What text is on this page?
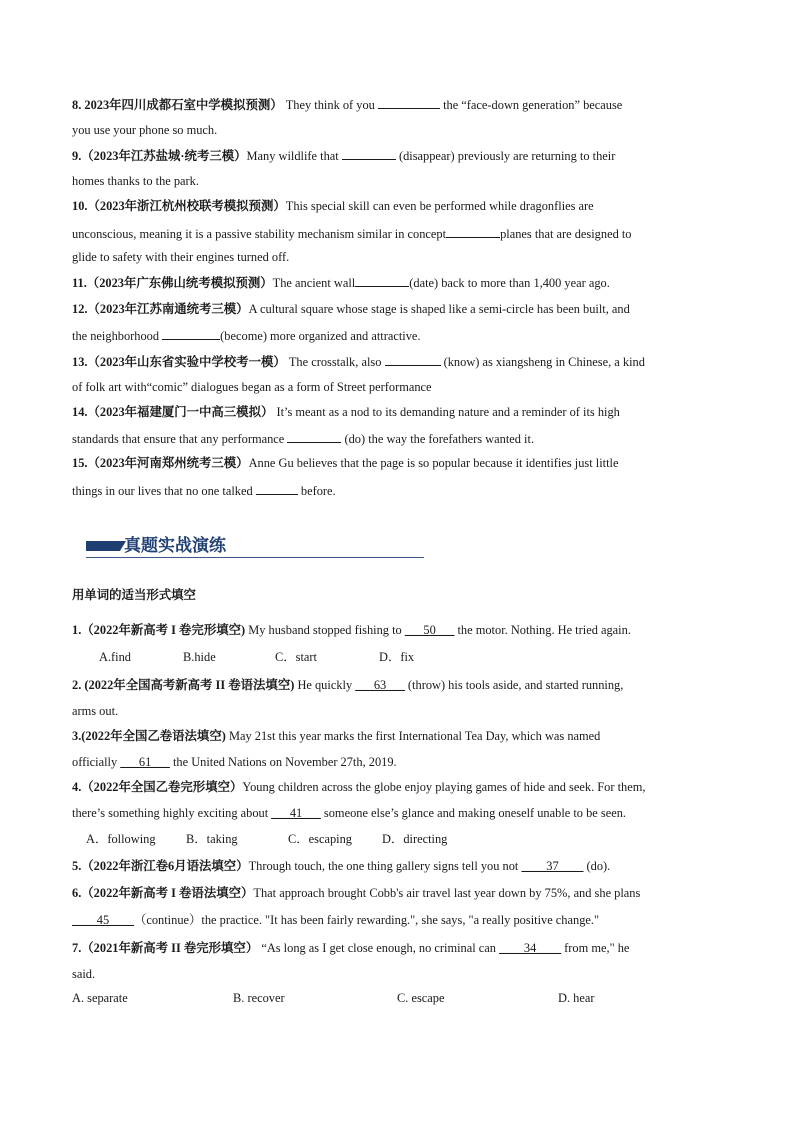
8. 2023年四川成都石室中学模拟预测） They think of you	the “face-down generation” because
you use your phone so much.
9.（2023年江苏盐城·统考三模）Many wildlife that	(disappear) previously are returning to their
homes thanks to the park.
10.（2023年浙江杭州校联考模拟预测）This special skill can even be performed while dragonflies are
unconscious, meaning it is a passive stability mechanism similar in concept	planes that are designed to
glide to safety with their engines turned off.
11.（2023年广东佛山统考模拟预测）The ancient wall	(date) back to more than 1,400 year ago.
12.（2023年江苏南通统考三模）A cultural square whose stage is shaped like a semi-circle has been built, and
the neighborhood	(become) more organized and attractive.
13.（2023年山东省实验中学校考一模） The crosstalk, also	(know) as xiangsheng in Chinese, a kind
of folk art with“comic” dialogues began as a form of Street performance
14.（2023年福建厦门一中高三模拟） It’s meant as a nod to its demanding nature and a reminder of its high
standards that ensure that any performance	(do) the way the forefathers wanted it.
15.（2023年河南郑州统考三模）Anne Gu believes that the page is so popular because it identifies just little
things in our lives that no one talked	before.
真题实战演练
用单词的适当形式填空
1.（2022年新高考 I 卷完形填空) My husband stopped fishing to ___50___ the motor. Nothing. He tried again.
A.find	B.hide	C．start	D．fix
2. (2022年全国高考新高考 II 卷语法填空) He quickly ___63___ (throw) his tools aside, and started running,
arms out.
3.(2022年全国乙卷语法填空) May 21st this year marks the first International Tea Day, which was named
officially ___61___ the United Nations on November 27th, 2019.
4.（2022年全国乙卷完形填空）Young children across the globe enjoy playing games of hide and seek. For them,
there’s something highly exciting about ___41___ someone else’s glance and making oneself unable to be seen.
A．following B．taking	C．escaping D．directing
5.（2022年浙江卷6月语法填空）Through touch, the one thing gallery signs tell you not ____37____ (do).
6.（2022年新高考 I 卷语法填空）That approach brought Cobb's air travel last year down by 75%, and she plans
____45____（continue）the practice. "It has been fairly rewarding.", she says, "a really positive change."
7.（2021年新高考 II 卷完形填空） “As long as I get close enough, no criminal can ____34____ from me," he
said.
A. separate	B. recover	C. escape	D. hear
